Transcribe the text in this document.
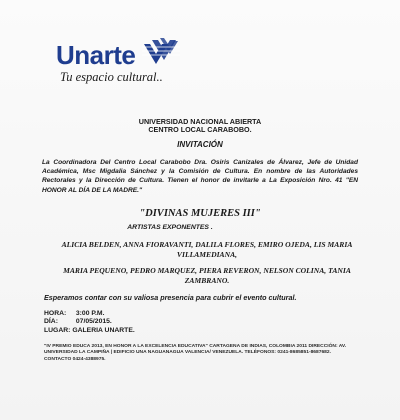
Unarte
Tu espacio cultural..
UNIVERSIDAD NACIONAL ABIERTA
CENTRO LOCAL CARABOBO.
INVITACIÓN
La Coordinadora Del Centro Local Carabobo Dra. Osiris Canizales de Álvarez, Jefe de Unidad Académica, Msc Migdalia Sánchez y la Comisión de Cultura. En nombre de las Autoridades Rectorales y la Dirección de Cultura. Tienen el honor de invitarle a La Exposición Nro. 41 "EN HONOR AL DÍA DE LA MADRE."
"DIVINAS MUJERES III"
ARTISTAS EXPONENTES .
ALICIA BELDEN, ANNA FIORAVANTI, DALILA FLORES, EMIRO OJEDA, LIS MARIA VILLAMEDIANA,
MARIA PEQUENO, PEDRO MARQUEZ, PIERA REVERON, NELSON COLINA, TANIA ZAMBRANO.
Esperamos contar con su valiosa presencia para cubrir el evento cultural.
HORA: 3:00 P.M.
DÍA:	07/05/2015.
LUGAR: GALERIA UNARTE.
"IV PREMIO EDUCA 2013, EN HONOR A LA EXCELENCIA EDUCATIVA" CARTAGENA DE INDIAS, COLOMBIA 2011 DIRECCIÓN: AV. UNIVERSIDAD LA CAMPIÑA | EDIFICIO UNA NAGUANAGUA VALENCIA/ VENEZUELA. TELÉFONOS: 0241-8685851-8687682. CONTACTO 0424-4388975.
